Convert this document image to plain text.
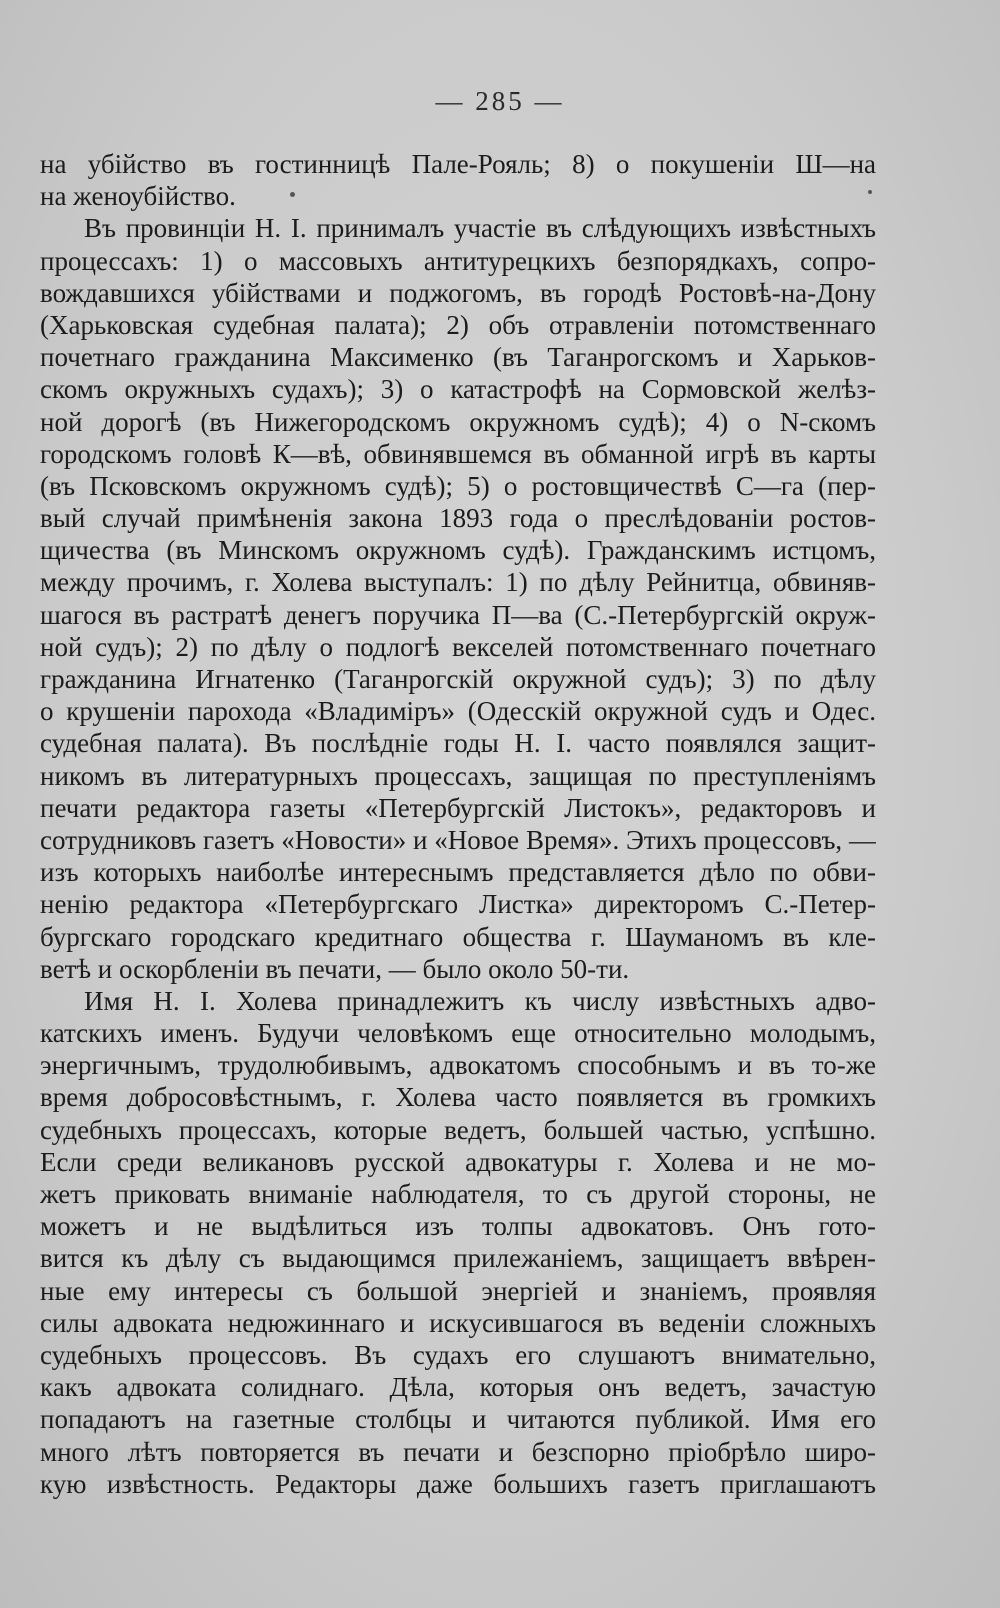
— 285 —
на убійство въ гостинницѣ Пале-Рояль; 8) о покушеніи Ш—на
на женоубійство.
Въ провинціи Н. І. принималъ участіе въ слѣдующихъ извѣстныхъ
процессахъ: 1) о массовыхъ антитурецкихъ безпорядкахъ, сопро-
вождавшихся убійствами и поджогомъ, въ городѣ Ростовѣ-на-Дону
(Харьковская судебная палата); 2) объ отравленіи потомственнаго
почетнаго гражданина Максименко (въ Таганрогскомъ и Харьков-
скомъ окружныхъ судахъ); 3) о катастрофѣ на Сормовской желѣз-
ной дорогѣ (въ Нижегородскомъ окружномъ судѣ); 4) о N-скомъ
городскомъ головѣ К—вѣ, обвинявшемся въ обманной игрѣ въ карты
(въ Псковскомъ окружномъ судѣ); 5) о ростовщичествѣ С—га (пер-
вый случай примѣненія закона 1893 года о преслѣдованіи ростов-
щичества (въ Минскомъ окружномъ судѣ). Гражданскимъ истцомъ,
между прочимъ, г. Холева выступалъ: 1) по дѣлу Рейнитца, обвиняв-
шагося въ растратѣ денегъ поручика П—ва (С.-Петербургскій окруж-
ной судъ); 2) по дѣлу о подлогѣ векселей потомственнаго почетнаго
гражданина Игнатенко (Таганрогскій окружной судъ); 3) по дѣлу
о крушеніи парохода «Владиміръ» (Одесскій окружной судъ и Одес.
судебная палата). Въ послѣдніе годы Н. І. часто появлялся защит-
никомъ въ литературныхъ процессахъ, защищая по преступленіямъ
печати редактора газеты «Петербургскій Листокъ», редакторовъ и
сотрудниковъ газетъ «Новости» и «Новое Время». Этихъ процессовъ, —
изъ которыхъ наиболѣе интереснымъ представляется дѣло по обви-
ненію редактора «Петербургскаго Листка» директоромъ С.-Петер-
бургскаго городскаго кредитнаго общества г. Шауманомъ въ кле-
ветѣ и оскорбленіи въ печати, — было около 50-ти.
Имя Н. І. Холева принадлежитъ къ числу извѣстныхъ адво-
катскихъ именъ. Будучи человѣкомъ еще относительно молодымъ,
энергичнымъ, трудолюбивымъ, адвокатомъ способнымъ и въ то-же
время добросовѣстнымъ, г. Холева часто появляется въ громкихъ
судебныхъ процессахъ, которые ведетъ, большей частью, успѣшно.
Если среди великановъ русской адвокатуры г. Холева и не мо-
жетъ приковать вниманіе наблюдателя, то съ другой стороны, не
можетъ и не выдѣлиться изъ толпы адвокатовъ. Онъ гото-
вится къ дѣлу съ выдающимся прилежаніемъ, защищаетъ ввѣрен-
ные ему интересы съ большой энергіей и знаніемъ, проявляя
силы адвоката недюжиннаго и искусившагося въ веденіи сложныхъ
судебныхъ процессовъ. Въ судахъ его слушаютъ внимательно,
какъ адвоката солиднаго. Дѣла, которыя онъ ведетъ, зачастую
попадаютъ на газетные столбцы и читаются публикой. Имя его
много лѣтъ повторяется въ печати и безспорно пріобрѣло широ-
кую извѣстность. Редакторы даже большихъ газетъ приглашаютъ
